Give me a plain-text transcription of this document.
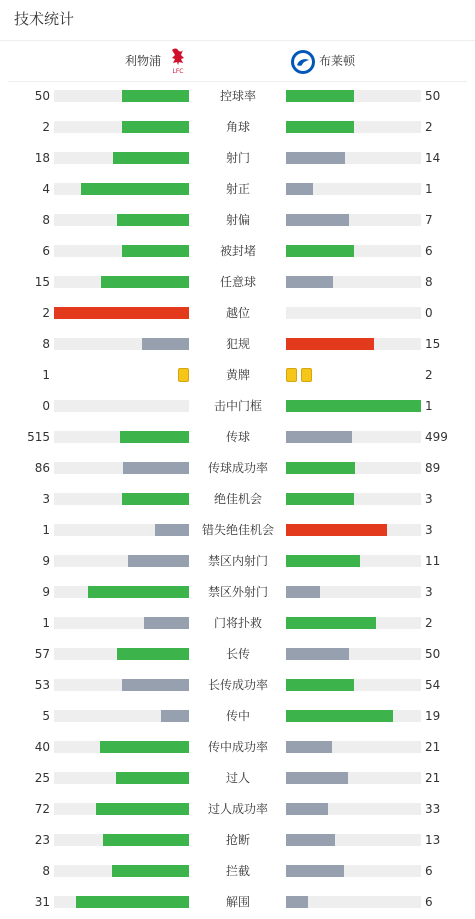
技术统计
利物浦
LFC
布莱顿
50	控球率	50
2	角球	2
18	射门	14
4	射正	1
8	射偏	7
6	被封堵	6
15	任意球	8
2	越位	0
8	犯规	15
1	黄牌	2
0	击中门框	1
515	传球	499
86	传球成功率	89
3	绝佳机会	3
1	错失绝佳机会	3
9	禁区内射门	11
9	禁区外射门	3
1	门将扑救	2
57	长传	50
53	长传成功率	54
5	传中	19
40	传中成功率	21
25	过人	21
72	过人成功率	33
23	抢断	13
8	拦截	6
31	解围	6
